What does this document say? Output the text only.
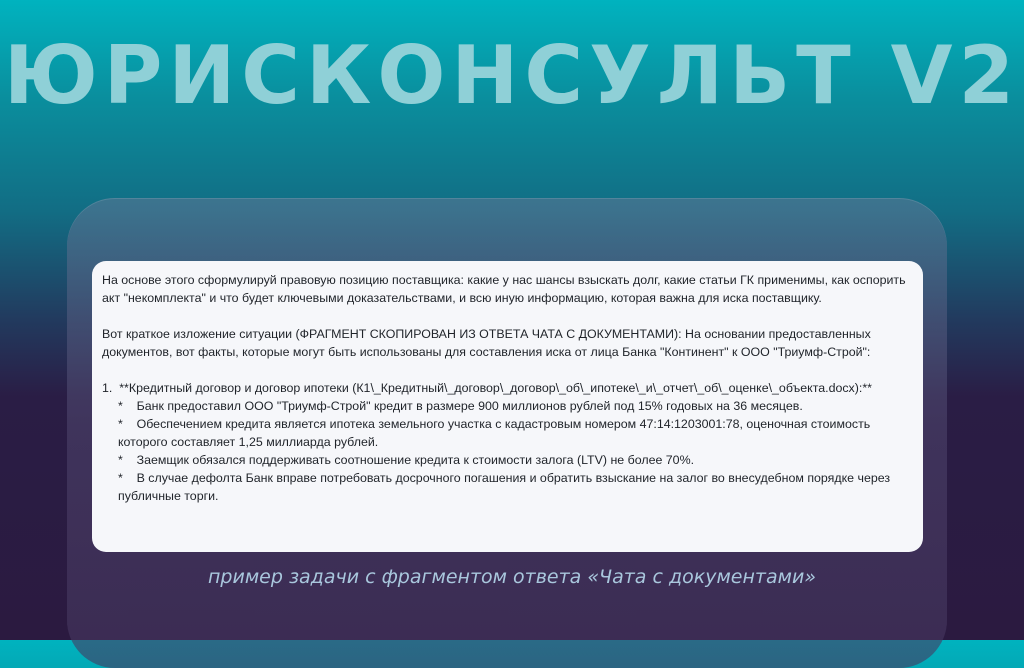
ЮРИСКОНСУЛЬТ V2

На основе этого сформулируй правовую позицию поставщика: какие у нас шансы взыскать долг, какие статьи ГК применимы, как оспорить акт "некомплекта" и что будет ключевыми доказательствами, и всю иную информацию, которая важна для иска поставщику.

Вот краткое изложение ситуации (ФРАГМЕНТ СКОПИРОВАН ИЗ ОТВЕТА ЧАТА С ДОКУМЕНТАМИ): На основании предоставленных документов, вот факты, которые могут быть использованы для составления иска от лица Банка "Континент" к ООО "Триумф-Строй":

1.  **Кредитный договор и договор ипотеки (К1\_Кредитный\_договор\_договор\_об\_ипотеке\_и\_отчет\_об\_оценке\_объекта.docx):**

*    Банк предоставил ООО "Триумф-Строй" кредит в размере 900 миллионов рублей под 15% годовых на 36 месяцев.

*    Обеспечением кредита является ипотека земельного участка с кадастровым номером 47:14:1203001:78, оценочная стоимость которого составляет 1,25 миллиарда рублей.

*    Заемщик обязался поддерживать соотношение кредита к стоимости залога (LTV) не более 70%.

*    В случае дефолта Банк вправе потребовать досрочного погашения и обратить взыскание на залог во внесудебном порядке через публичные торги.

пример задачи с фрагментом ответа «Чата с документами»
